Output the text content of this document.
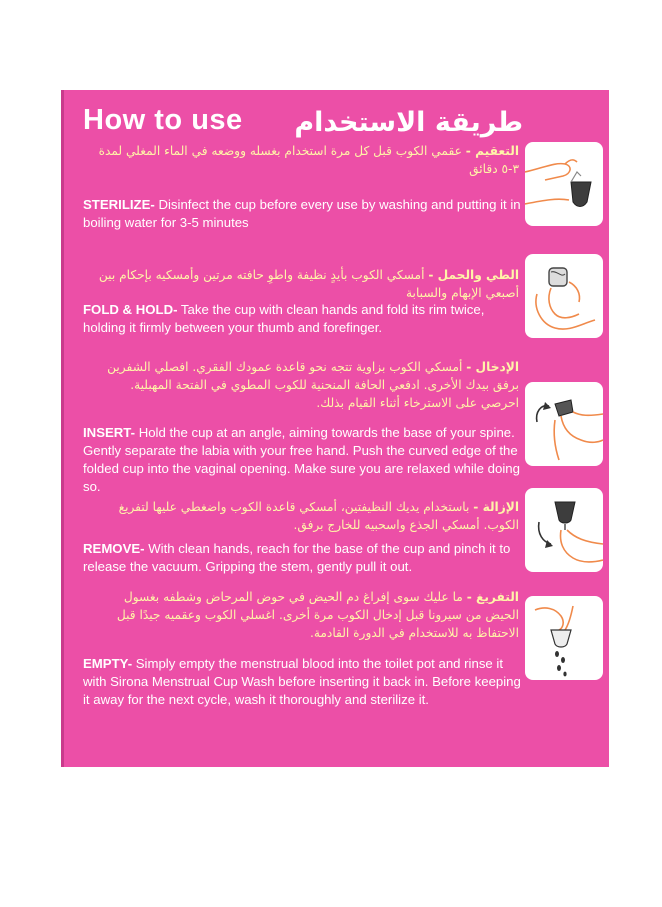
How to use طريقة الاستخدام
التعقيم - عقمي الكوب قبل كل مرة استخدام بغسله ووضعه في الماء المغلي لمدة ٣-٥ دقائق
STERILIZE- Disinfect the cup before every use by washing and putting it in boiling water for 3-5 minutes
الطي والحمل - أمسكي الكوب بأيدٍ نظيفة واطوِ حافته مرتين وأمسكيه بإحكام بين أصبعي الإبهام والسبابة
FOLD & HOLD- Take the cup with clean hands and fold its rim twice, holding it firmly between your thumb and forefinger.
الإدخال - أمسكي الكوب بزاوية تتجه نحو قاعدة عمودك الفقري. افصلي الشفرين برفق بيدك الأخرى. ادفعي الحافة المنحنية للكوب المطوي في الفتحة المهبلية. احرصي على الاسترخاء أثناء القيام بذلك.
INSERT- Hold the cup at an angle, aiming towards the base of your spine. Gently separate the labia with your free hand. Push the curved edge of the folded cup into the vaginal opening. Make sure you are relaxed while doing so.
الإزالة - باستخدام يديك النظيفتين، أمسكي قاعدة الكوب واضغطي عليها لتفريغ الكوب. أمسكي الجذع واسحبيه للخارج برفق.
REMOVE- With clean hands, reach for the base of the cup and pinch it to release the vacuum. Gripping the stem, gently pull it out.
التفريغ - ما عليك سوى إفراغ دم الحيض في حوض المرحاض وشطفه بغسول الحيض من سيرونا قبل إدخال الكوب مرة أخرى. اغسلي الكوب وعقميه جيدًا قبل الاحتفاظ به للاستخدام في الدورة القادمة.
EMPTY- Simply empty the menstrual blood into the toilet pot and rinse it with Sirona Menstrual Cup Wash before inserting it back in. Before keeping it away for the next cycle, wash it thoroughly and sterilize it.
